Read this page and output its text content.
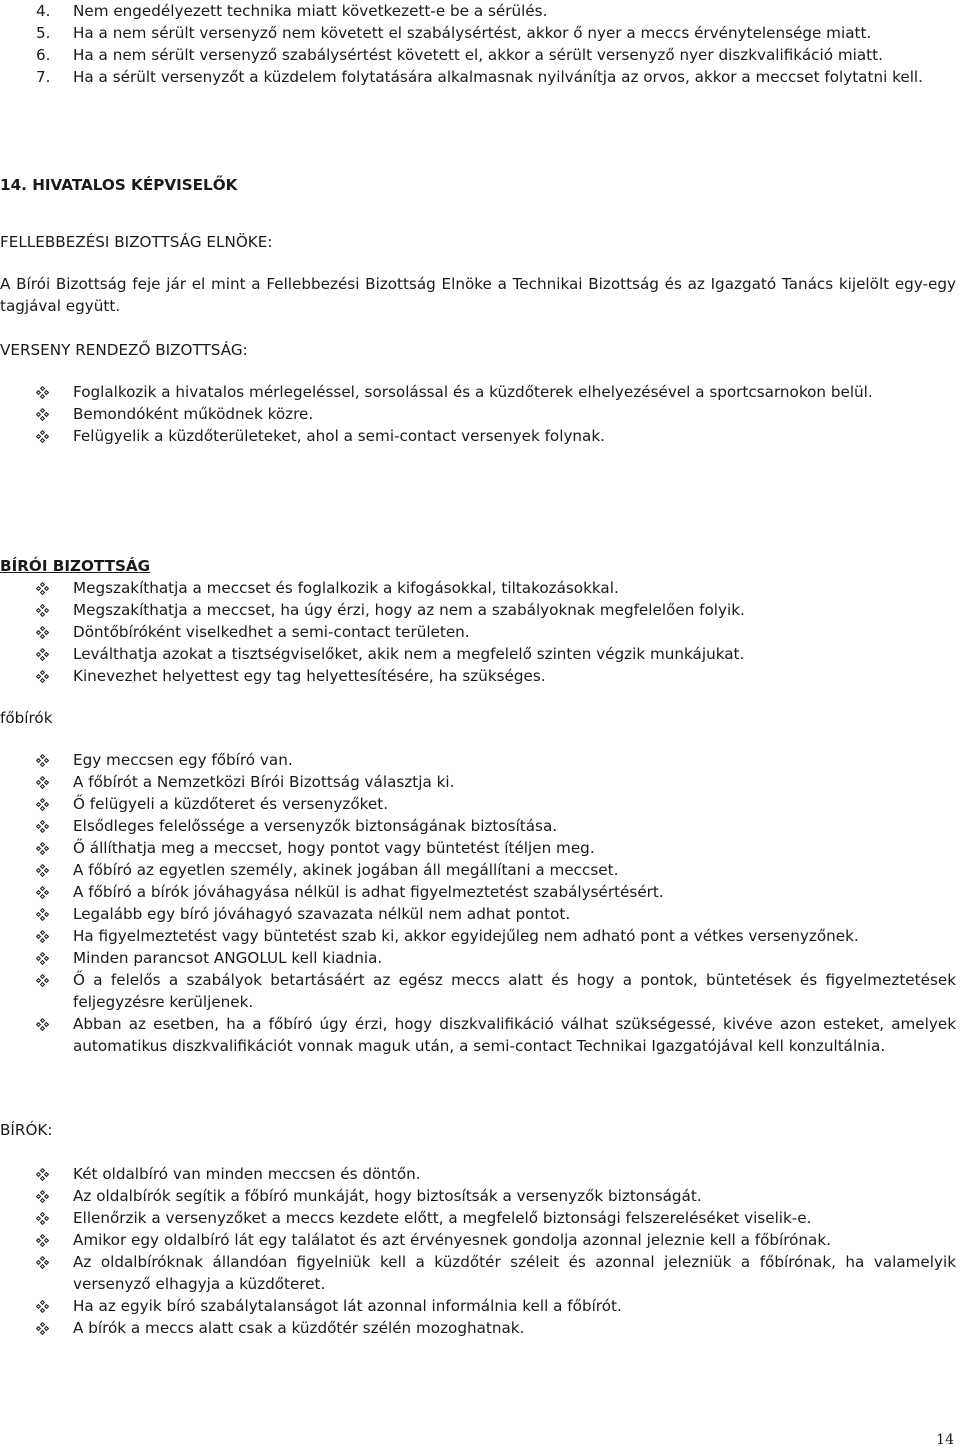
4. Nem engedélyezett technika miatt következett-e be a sérülés.
5. Ha a nem sérült versenyző nem követett el szabálysértést, akkor ő nyer a meccs érvénytelensége miatt.
6. Ha a nem sérült versenyző szabálysértést követett el, akkor a sérült versenyző nyer diszkvalifikáció miatt.
7. Ha a sérült versenyzőt a küzdelem folytatására alkalmasnak nyilvánítja az orvos, akkor a meccset folytatni kell.
14. HIVATALOS KÉPVISELŐK
FELLEBBEZÉSI BIZOTTSÁG ELNÖKE:
A Bírói Bizottság feje jár el mint a Fellebbezési Bizottság Elnöke a Technikai Bizottság és az Igazgató Tanács kijelölt egy-egy tagjával együtt.
VERSENY RENDEZŐ BIZOTTSÁG:
Foglalkozik a hivatalos mérlegeléssel, sorsolással és a küzdőterek elhelyezésével a sportcsarnokon belül.
Bemondóként működnek közre.
Felügyelik a küzdőterületeket, ahol a semi-contact versenyek folynak.
BÍRÓI BIZOTTSÁG
Megszakíthatja a meccset és foglalkozik a kifogásokkal, tiltakozásokkal.
Megszakíthatja a meccset, ha úgy érzi, hogy az nem a szabályoknak megfelelően folyik.
Döntőbíróként viselkedhet a semi-contact területen.
Leválthatja azokat a tisztségviselőket, akik nem a megfelelő szinten végzik munkájukat.
Kinevezhet helyettest egy tag helyettesítésére, ha szükséges.
főbírók
Egy meccsen egy főbíró van.
A főbírót a Nemzetközi Bírói Bizottság választja ki.
Ő felügyeli a küzdőteret és versenyzőket.
Elsődleges felelőssége a versenyzők biztonságának biztosítása.
Ő állíthatja meg a meccset, hogy pontot vagy büntetést ítéljen meg.
A főbíró az egyetlen személy, akinek jogában áll megállítani a meccset.
A főbíró a bírók jóváhagyása nélkül is adhat figyelmeztetést szabálysértésért.
Legalább egy bíró jóváhagyó szavazata nélkül nem adhat pontot.
Ha figyelmeztetést vagy büntetést szab ki, akkor egyidejűleg nem adható pont a vétkes versenyzőnek.
Minden parancsot ANGOLUL kell kiadnia.
Ő a felelős a szabályok betartásáért az egész meccs alatt és hogy a pontok, büntetések és figyelmeztetések feljegyzésre kerüljenek.
Abban az esetben, ha a főbíró úgy érzi, hogy diszkvalifikáció válhat szükségessé, kivéve azon esteket, amelyek automatikus diszkvalifikációt vonnak maguk után, a semi-contact Technikai Igazgatójával kell konzultálnia.
BÍRÓK:
Két oldalbíró van minden meccsen és döntőn.
Az oldalbírók segítik a főbíró munkáját, hogy biztosítsák a versenyzők biztonságát.
Ellenőrzik a versenyzőket a meccs kezdete előtt, a megfelelő biztonsági felszereléséket viselik-e.
Amikor egy oldalbíró lát egy találatot és azt érvényesnek gondolja azonnal jeleznie kell a főbírónak.
Az oldalbíróknak állandóan figyelniük kell a küzdőtér széleit és azonnal jelezniük a főbírónak, ha valamelyik versenyző elhagyja a küzdőteret.
Ha az egyik bíró szabálytalanságot lát azonnal informálnia kell a főbírót.
A bírók a meccs alatt csak a küzdőtér szélén mozoghatnak.
14
